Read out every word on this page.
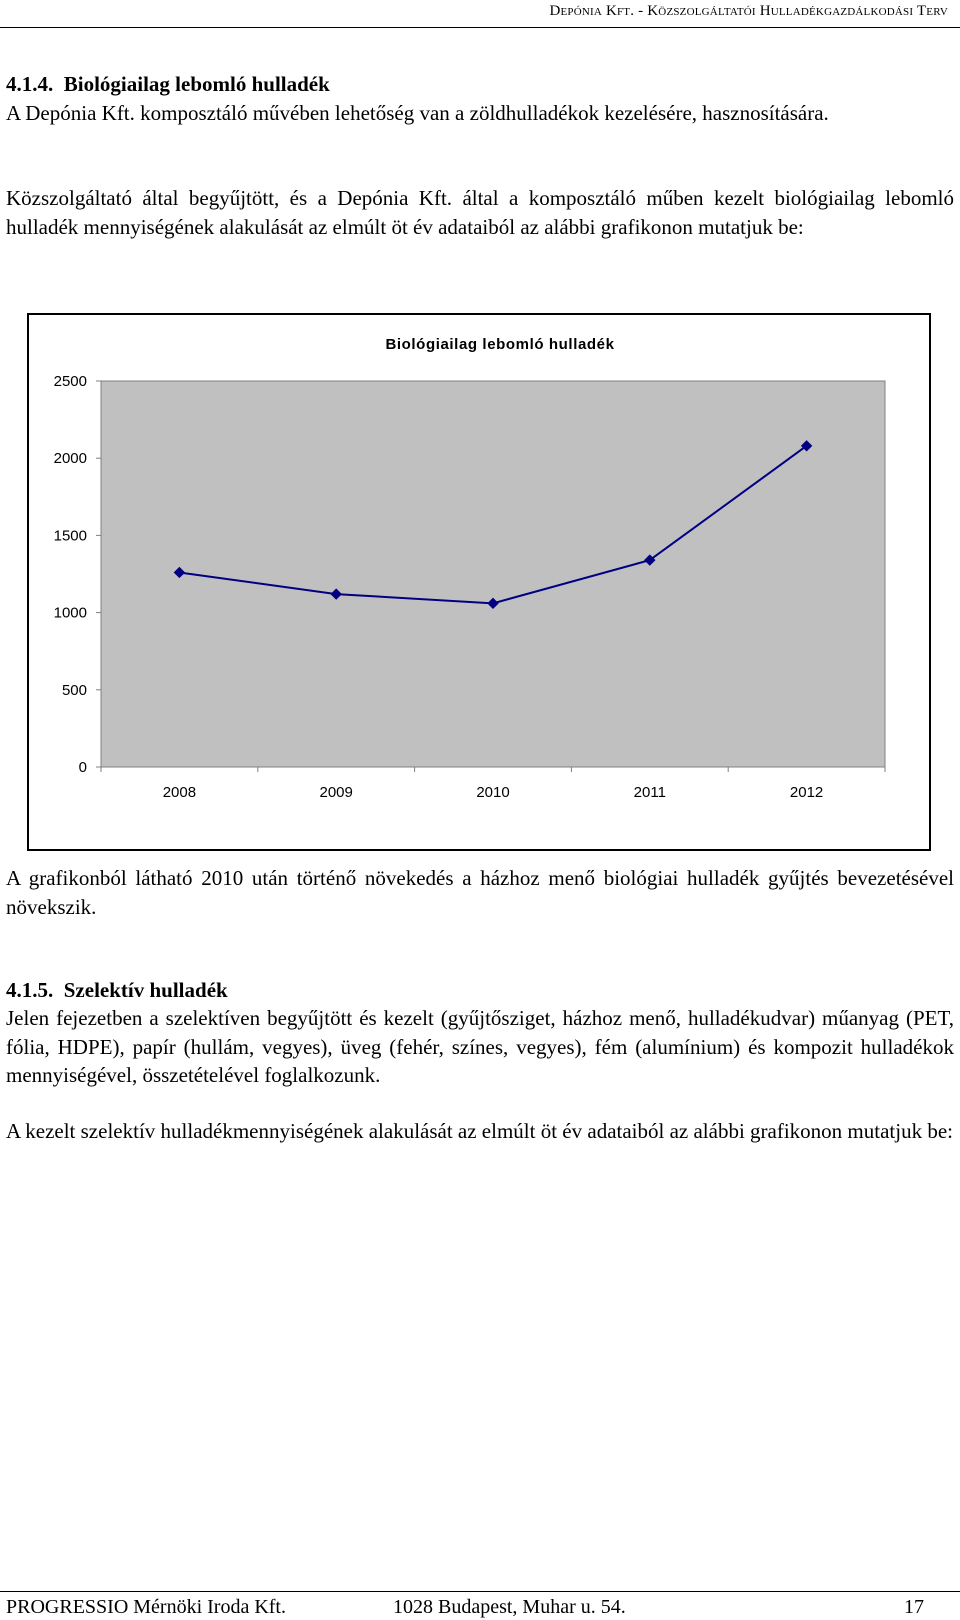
Depónia Kft. - Közszolgáltatói Hulladékgazdálkodási Terv
4.1.4. Biológiailag lebomló hulladék
A Depónia Kft. komposztáló művében lehetőség van a zöldhulladékok kezelésére, hasznosítására.
Közszolgáltató által begyűjtött, és a Depónia Kft. által a komposztáló műben kezelt biológiailag lebomló hulladék mennyiségének alakulását az elmúlt öt év adataiból az alábbi grafikonon mutatjuk be:
Biológiailag lebomló hulladék
0
500
1000
1500
2000
2500
2008	2009	2010	2011	2012
A grafikonból látható 2010 után történő növekedés a házhoz menő biológiai hulladék gyűjtés bevezetésével növekszik.
4.1.5. Szelektív hulladék
Jelen fejezetben a szelektíven begyűjtött és kezelt (gyűjtősziget, házhoz menő, hulladékudvar) műanyag (PET, fólia, HDPE), papír (hullám, vegyes), üveg (fehér, színes, vegyes), fém (alumínium) és kompozit hulladékok mennyiségével, összetételével foglalkozunk.
A kezelt szelektív hulladékmennyiségének alakulását az elmúlt öt év adataiból az alábbi grafikonon mutatjuk be:
PROGRESSIO Mérnöki Iroda Kft.	1028 Budapest, Muhar u. 54.	17
